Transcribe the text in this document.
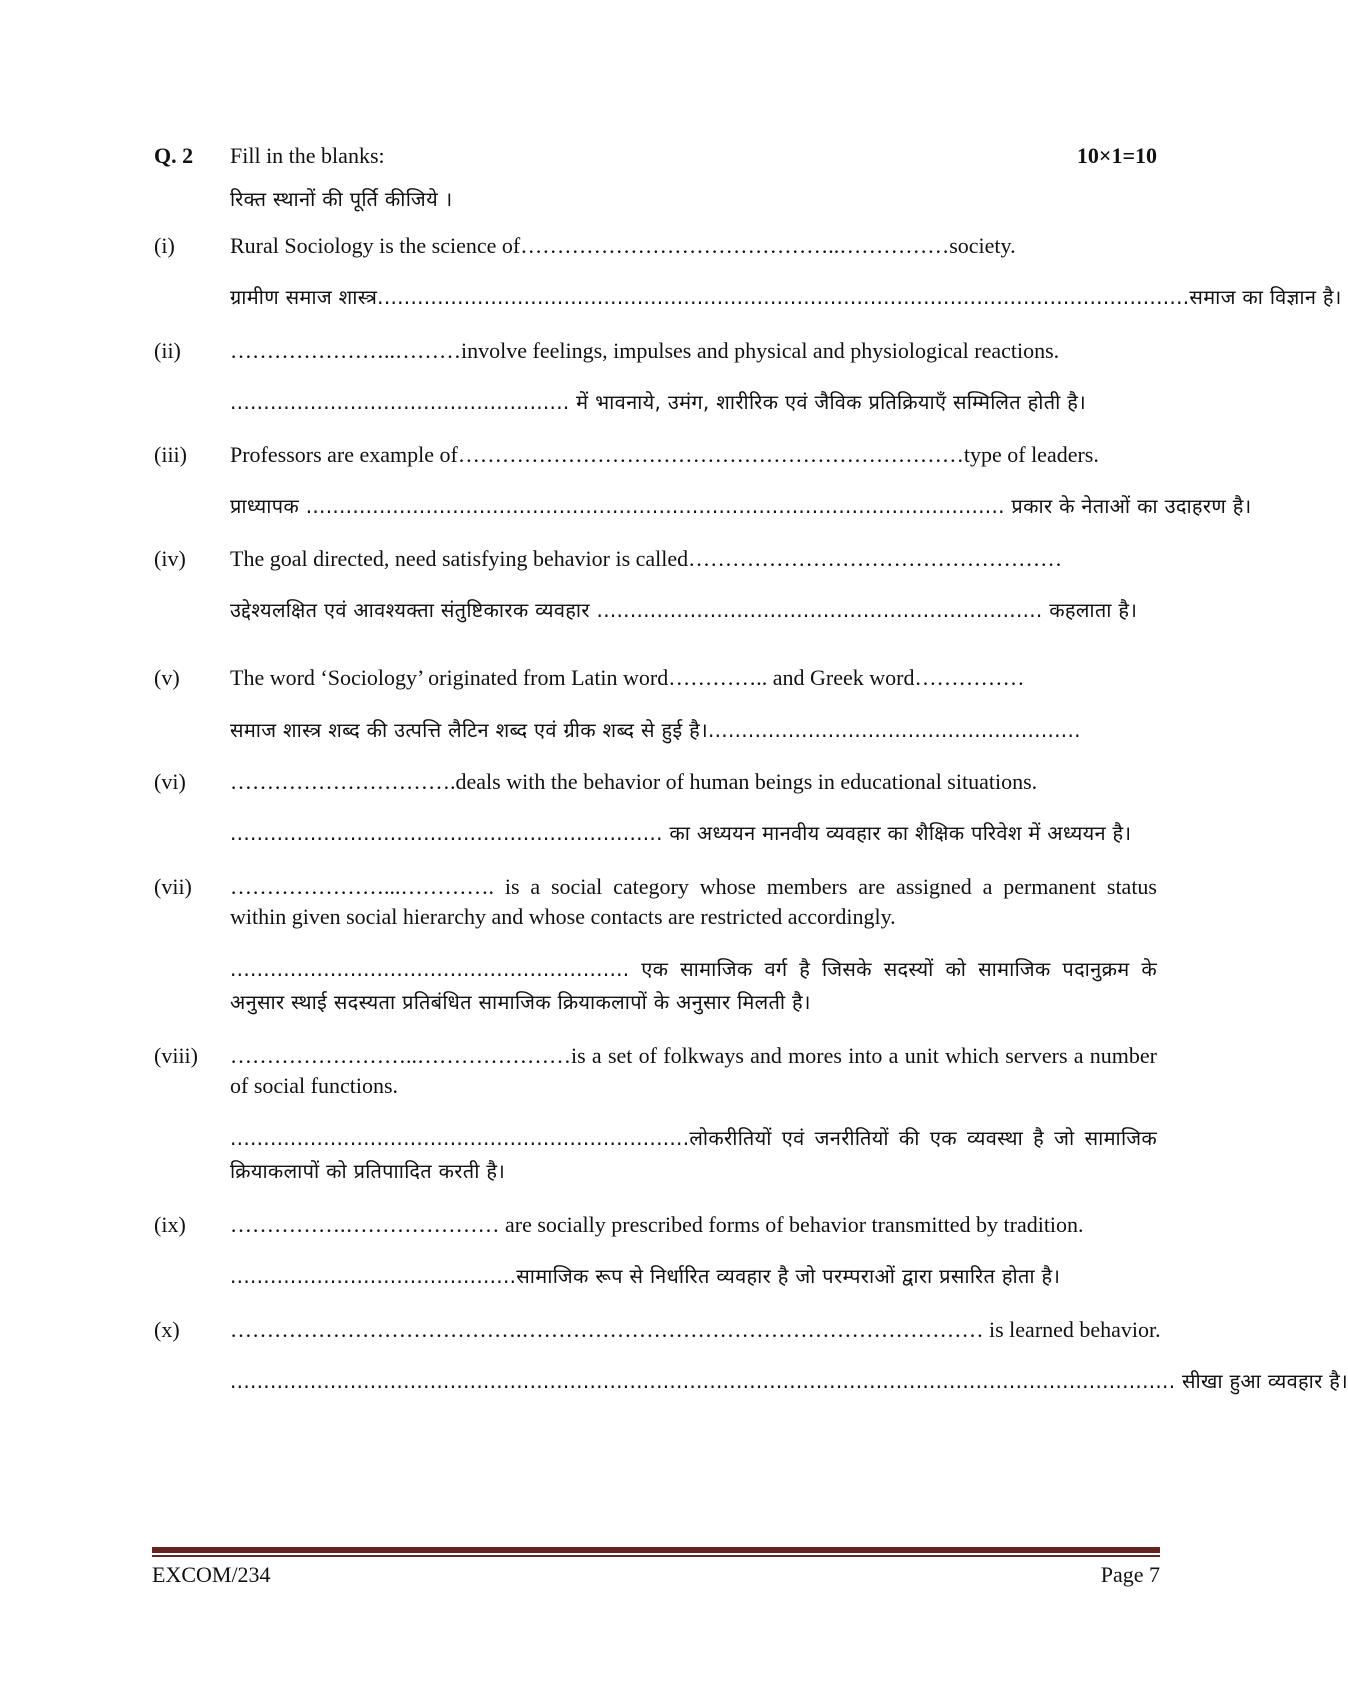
Q. 2 Fill in the blanks:	10×1=10
रिक्त स्थानों की पूर्ति कीजिये ।
(i)	Rural Sociology is the science of……………………………………..……………society.
ग्रामीण समाज शास्त्र..........................................................................................................................समाज का विज्ञान है।
(ii) …………………..………involve feelings, impulses and physical and physiological reactions.
................................................... में भावनाये, उमंग, शारीरिक एवं जैविक प्रतिक्रियाएँ सम्मिलित होती है।
(iii) Professors are example of……………………………………………………………type of leaders.
प्राध्यापक ......................................................................................................... प्रकार के नेताओं का उदाहरण है।
(iv) The goal directed, need satisfying behavior is called……………………………………………
उद्देश्यलक्षित एवं आवश्यक्ता संतुष्टिकारक व्यवहार ................................................................... कहलाता है।
(v) The word ‘Sociology’ originated from Latin word………….. and Greek word……………
समाज शास्त्र शब्द की उत्पत्ति लैटिन शब्द एवं ग्रीक शब्द से हुई है।........................................................
(vi) ………………………….deals with the behavior of human beings in educational situations.
................................................................. का अध्ययन मानवीय व्यवहार का शैक्षिक परिवेश में अध्ययन है।
(vii) …………………...…………. is a social category whose members are assigned a permanent status within given social hierarchy and whose contacts are restricted accordingly.
............................................................ एक सामाजिक वर्ग है जिसके सदस्यों को सामाजिक पदानुक्रम के अनुसार स्थाई सदस्यता प्रतिबंधित सामाजिक क्रियाकलापों के अनुसार मिलती है।
(viii) ……………………..…………………is a set of folkways and mores into a unit which servers a number of social functions.
.....................................................................लोकरीतियों एवं जनरीतियों की एक व्यवस्था है जो सामाजिक क्रियाकलापों को प्रतिपाादित करती है।
(ix) …………….………………… are socially prescribed forms of behavior transmitted by tradition.
...........................................सामाजिक रूप से निर्धारित व्यवहार है जो परम्पराओं द्वारा प्रसारित होता है।
(x) ………………………………….……………………………………………………… is learned behavior.
.............................................................................................................................................. सीखा हुआ व्यवहार है।
EXCOM/234	Page 7
